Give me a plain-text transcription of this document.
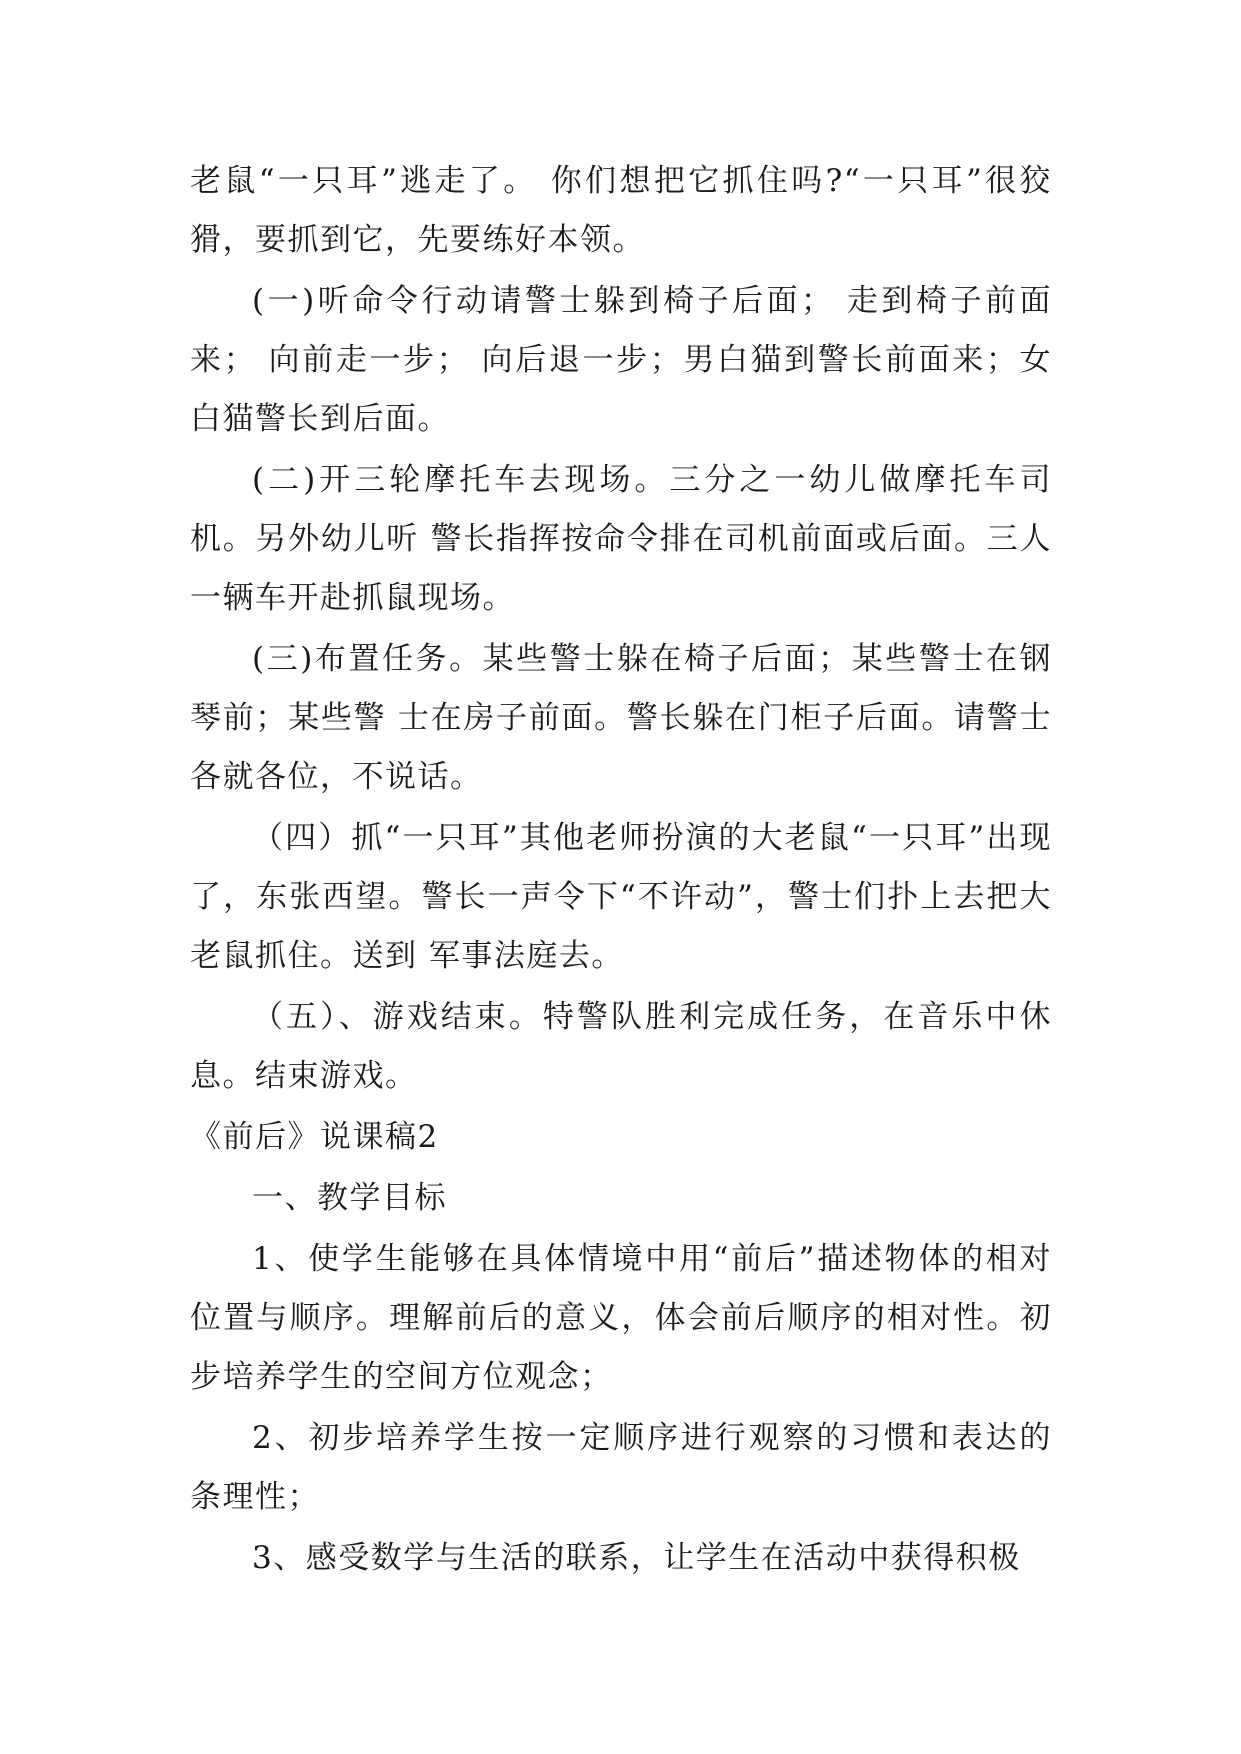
老鼠“一只耳”逃走了。 你们想把它抓住吗?“一只耳”很狡猾，要抓到它，先要练好本领。

(一)听命令行动请警士躲到椅子后面； 走到椅子前面来； 向前走一步； 向后退一步；男白猫到警长前面来；女白猫警长到后面。

(二)开三轮摩托车去现场。三分之一幼儿做摩托车司机。另外幼儿听 警长指挥按命令排在司机前面或后面。三人一辆车开赴抓鼠现场。

(三)布置任务。某些警士躲在椅子后面；某些警士在钢琴前；某些警 士在房子前面。警长躲在门柜子后面。请警士各就各位，不说话。

（四）抓“一只耳”其他老师扮演的大老鼠“一只耳”出现了，东张西望。警长一声令下“不许动”，警士们扑上去把大老鼠抓住。送到 军事法庭去。

（五）、游戏结束。特警队胜利完成任务，在音乐中休息。结束游戏。

《前后》说课稿2

一、教学目标

1、使学生能够在具体情境中用“前后”描述物体的相对位置与顺序。理解前后的意义，体会前后顺序的相对性。初步培养学生的空间方位观念；

2、初步培养学生按一定顺序进行观察的习惯和表达的条理性；

3、感受数学与生活的联系，让学生在活动中获得积极
